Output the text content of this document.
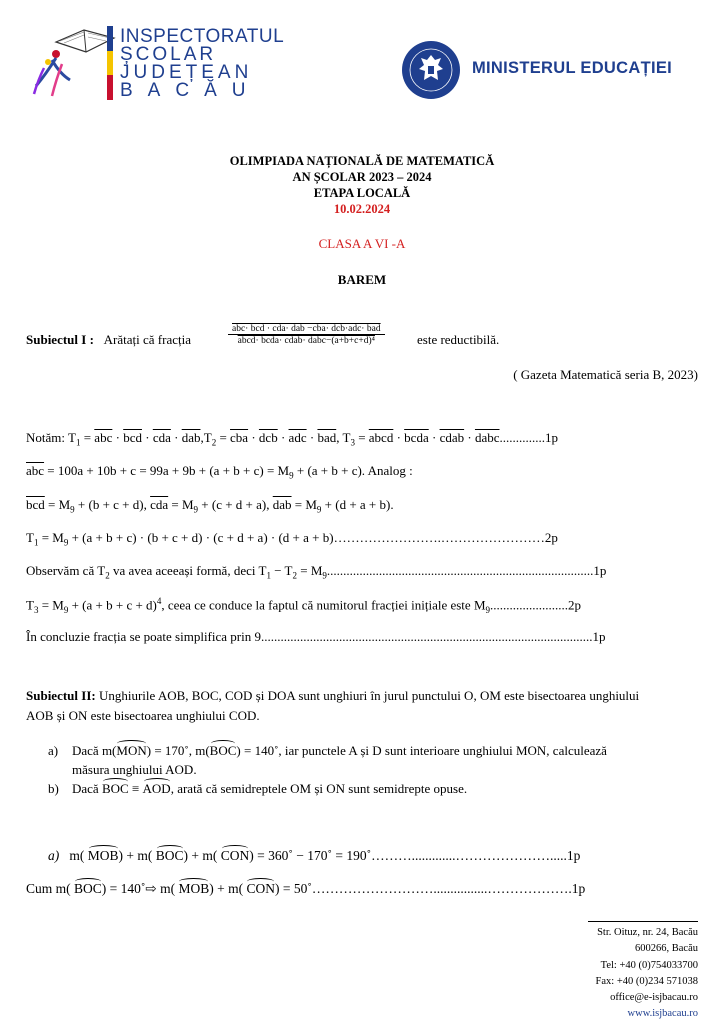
INSPECTORATUL
ȘCOLAR
JUDEȚEAN
BACĂU
MINISTERUL EDUCAȚIEI
OLIMPIADA NAȚIONALĂ DE MATEMATICĂ
AN ȘCOLAR 2023 – 2024
ETAPA LOCALĂ
10.02.2024
CLASA A VI -A
BAREM
Subiectul I : Arătați că fracția
abc· bcd · cda· dab −cba· dcb·adc· bad
abcd· bcda· cdab· dabc−(a+b+c+d)⁴	este reductibilă.
( Gazeta Matematică seria B, 2023)
Notăm: $T_1 = \overline{abc} \cdot \overline{bcd} \cdot \overline{cda} \cdot \overline{dab},T_2 = \overline{cba} \cdot \overline{dcb} \cdot \overline{adc} \cdot \overline{bad}$, $T_3$ = abcd · bcda · cdab · dabc..............1p
$\overline{abc} = 100a + 10b + c = 99a + 9b + (a + b + c) = M_9 + (a + b + c)$. Analog :
$\overline{bcd} = M_9 + (b + c + d)$, $\overline{cda} = M_9 + (c + d + a)$, $\overline{dab} = M_9 + (d + a + b)$.
$T_1 = M_9 + (a + b + c) \cdot (b + c + d) \cdot (c + d + a) \cdot (d + a$ + b)…………………….……………………2p
Observăm că $T_2$ va avea aceeași formă, deci $T_1 - T_2 = M_9..................................................................................1p$
$T_3 = M_9 + (a + b + c + d)^4$, ceea ce conduce la faptul că numitorul fracției inițiale este $M_9........................2p$
În concluzie fracția se poate simplifica prin 9......................................................................................................1p
Subiectul II: Unghiurile AOB, BOC, COD și DOA sunt unghiuri în jurul punctului O, OM este bisectoarea unghiului
AOB și ON este bisectoarea unghiului COD.
a) Dacă m(MON) = 170˚, m(BOC) = 140˚, iar punctele A și D sunt interioare unghiului MON, calculează
măsura unghiului AOD.
b) Dacă BOC ≡ AOD, arată că semidreptele OM și ON sunt semidrepte opuse.
a)   m( MOB) + m( BOC) + m( CON) = 360˚ − 170˚ = 190˚……….............………………….....1p
Cum m( BOC) = 140˚⇨ m( MOB) + m( CON) = 50˚………………………................……………….1p
Str. Oituz, nr. 24, Bacău
600266, Bacău
Tel: +40 (0)754033700
Fax: +40 (0)234 571038
office@e-isjbacau.ro
www.isjbacau.ro
